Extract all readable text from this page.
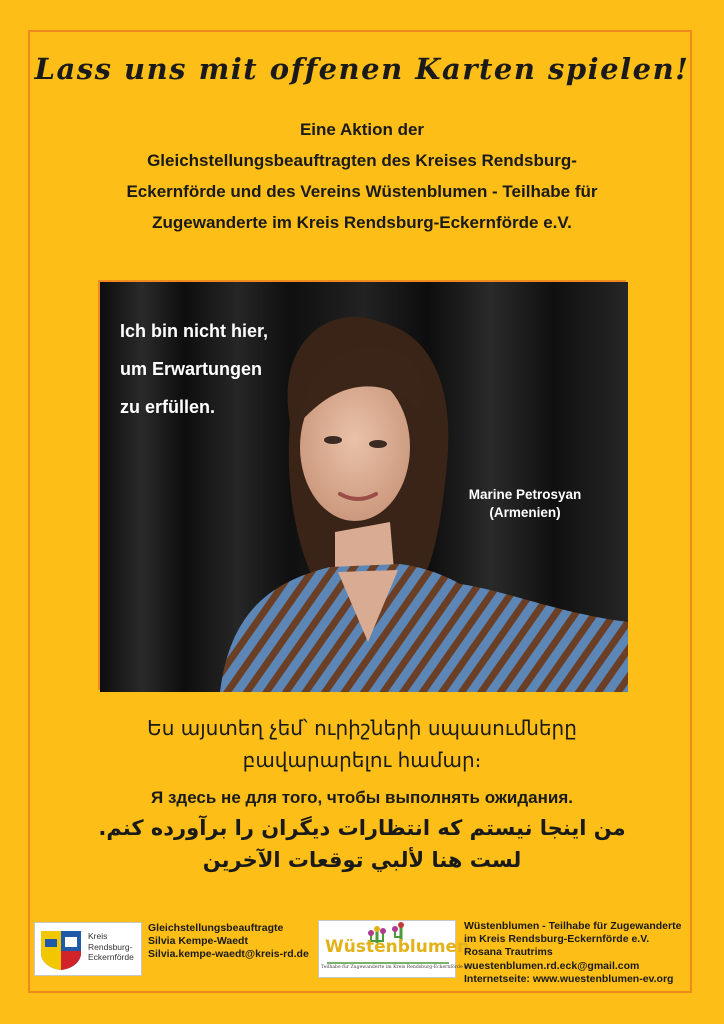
Lass uns mit offenen Karten spielen!
Eine Aktion der
Gleichstellungsbeauftragten des Kreises Rendsburg-
Eckernförde und des Vereins Wüstenblumen - Teilhabe für
Zugewanderte im Kreis Rendsburg-Eckernförde e.V.
Ich bin nicht hier,
um Erwartungen
zu erfüllen.
Marine Petrosyan
(Armenien)
Ես այստեղ չեմ՝ ուրիշների սպասումները
բավարարելու համար։
Я здесь не для того, чтобы выполнять ожидания.
من اینجا نیستم که انتظارات دیگران را برآورده کنم.
لست هنا لألبي توقعات الآخرين
Kreis
Rendsburg-
Eckernförde
Gleichstellungsbeauftragte
Silvia Kempe-Waedt
Silvia.kempe-waedt@kreis-rd.de Wüstenblumen
Teilhabe für Zugewanderte im Kreis Rendsburg-Eckernförde e.V.
Wüstenblumen - Teilhabe für Zugewanderte
im Kreis Rendsburg-Eckernförde e.V.
Rosana Trautrims
wuestenblumen.rd.eck@gmail.com
Internetseite: www.wuestenblumen-ev.org
